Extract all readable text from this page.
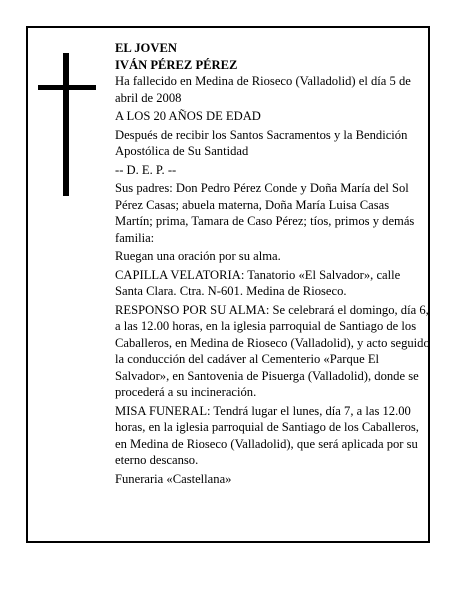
EL JOVEN

IVÁN PÉREZ PÉREZ

Ha fallecido en Medina de Rioseco (Valladolid) el día 5 de abril de 2008

A LOS 20 AÑOS DE EDAD

Después de recibir los Santos Sacramentos y la Bendición Apostólica de Su Santidad

-- D. E. P. --

Sus padres: Don Pedro Pérez Conde y Doña María del Sol Pérez Casas; abuela materna, Doña María Luisa Casas Martín; prima, Tamara de Caso Pérez; tíos, primos y demás familia:

Ruegan una oración por su alma.

CAPILLA VELATORIA: Tanatorio «El Salvador», calle Santa Clara. Ctra. N-601. Medina de Rioseco.

RESPONSO POR SU ALMA: Se celebrará el domingo, día 6, a las 12.00 horas, en la iglesia parroquial de Santiago de los Caballeros, en Medina de Rioseco (Valladolid), y acto seguido la conducción del cadáver al Cementerio «Parque El Salvador», en Santovenia de Pisuerga (Valladolid), donde se procederá a su incineración.

MISA FUNERAL: Tendrá lugar el lunes, día 7, a las 12.00 horas, en la iglesia parroquial de Santiago de los Caballeros, en Medina de Rioseco (Valladolid), que será aplicada por su eterno descanso.

Funeraria «Castellana»
